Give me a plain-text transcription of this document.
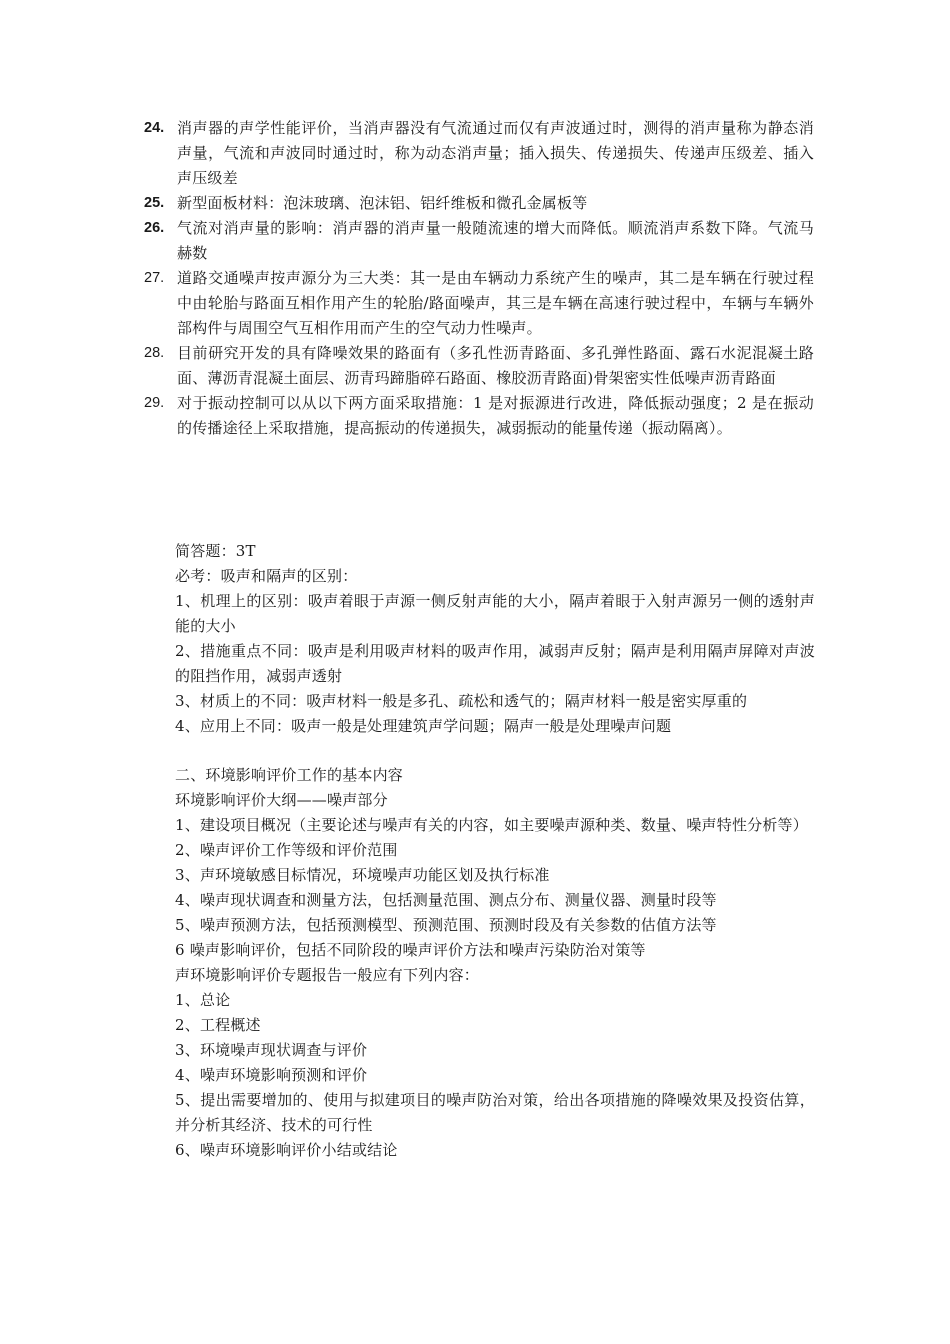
24. 消声器的声学性能评价，当消声器没有气流通过而仅有声波通过时，测得的消声量称为静态消声量，气流和声波同时通过时，称为动态消声量；插入损失、传递损失、传递声压级差、插入声压级差
25. 新型面板材料：泡沫玻璃、泡沫铝、铝纤维板和微孔金属板等
26. 气流对消声量的影响：消声器的消声量一般随流速的增大而降低。顺流消声系数下降。气流马赫数
27. 道路交通噪声按声源分为三大类：其一是由车辆动力系统产生的噪声，其二是车辆在行驶过程中由轮胎与路面互相作用产生的轮胎/路面噪声，其三是车辆在高速行驶过程中，车辆与车辆外部构件与周围空气互相作用而产生的空气动力性噪声。
28. 目前研究开发的具有降噪效果的路面有（多孔性沥青路面、多孔弹性路面、露石水泥混凝土路面、薄沥青混凝土面层、沥青玛蹄脂碎石路面、橡胶沥青路面)骨架密实性低噪声沥青路面
29. 对于振动控制可以从以下两方面采取措施：1 是对振源进行改进，降低振动强度；2 是在振动的传播途径上采取措施，提高振动的传递损失，减弱振动的能量传递（振动隔离）。
简答题：3T
必考：吸声和隔声的区别：
1、机理上的区别：吸声着眼于声源一侧反射声能的大小，隔声着眼于入射声源另一侧的透射声能的大小
2、措施重点不同：吸声是利用吸声材料的吸声作用，减弱声反射；隔声是利用隔声屏障对声波的阻挡作用，减弱声透射
3、材质上的不同：吸声材料一般是多孔、疏松和透气的；隔声材料一般是密实厚重的
4、应用上不同：吸声一般是处理建筑声学问题；隔声一般是处理噪声问题
二、环境影响评价工作的基本内容
环境影响评价大纲——噪声部分
1、建设项目概况（主要论述与噪声有关的内容，如主要噪声源种类、数量、噪声特性分析等）
2、噪声评价工作等级和评价范围
3、声环境敏感目标情况，环境噪声功能区划及执行标准
4、噪声现状调查和测量方法，包括测量范围、测点分布、测量仪器、测量时段等
5、噪声预测方法，包括预测模型、预测范围、预测时段及有关参数的估值方法等
6 噪声影响评价，包括不同阶段的噪声评价方法和噪声污染防治对策等
声环境影响评价专题报告一般应有下列内容：
1、总论
2、工程概述
3、环境噪声现状调查与评价
4、噪声环境影响预测和评价
5、提出需要增加的、使用与拟建项目的噪声防治对策，给出各项措施的降噪效果及投资估算，并分析其经济、技术的可行性
6、噪声环境影响评价小结或结论
